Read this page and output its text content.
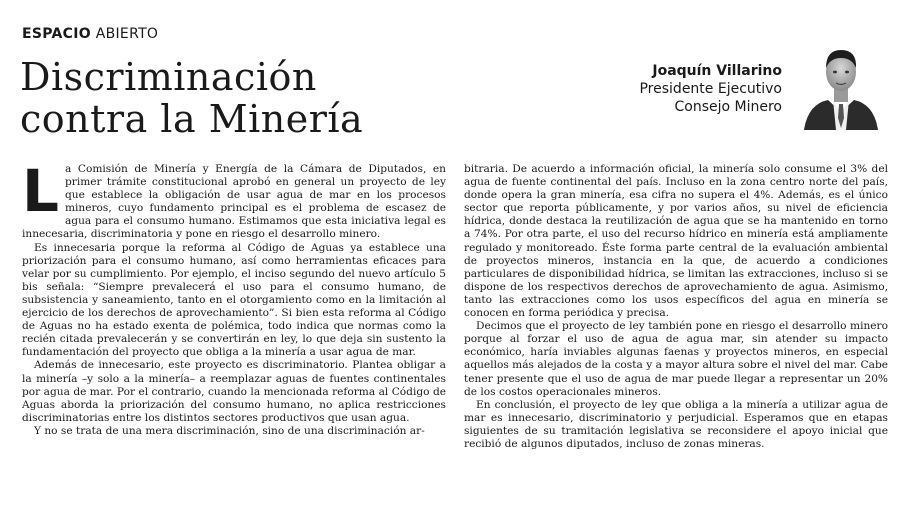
ESPACIO ABIERTO
Discriminación
contra la Minería
Joaquín Villarino
Presidente Ejecutivo
Consejo Minero

La Comisión de Minería y Energía de la Cámara de Diputados, en primer trámite constitucional aprobó en general un proyecto de ley que establece la obligación de usar agua de mar en los procesos mineros, cuyo fundamento principal es el problema de escasez de agua para el consumo humano. Estimamos que esta iniciativa legal es innecesaria, discriminatoria y pone en riesgo el desarrollo minero.

Es innecesaria porque la reforma al Código de Aguas ya establece una priorización para el consumo humano, así como herramientas eficaces para velar por su cumplimiento. Por ejemplo, el inciso segundo del nuevo artículo 5 bis señala: “Siempre prevalecerá el uso para el consumo humano, de subsistencia y saneamiento, tanto en el otorgamiento como en la limitación al ejercicio de los derechos de aprovechamiento”. Si bien esta reforma al Código de Aguas no ha estado exenta de polémica, todo indica que normas como la recién citada prevalecerán y se convertirán en ley, lo que deja sin sustento la fundamentación del proyecto que obliga a la minería a usar agua de mar.

Además de innecesario, este proyecto es discriminatorio. Plantea obligar a la minería –y solo a la minería– a reemplazar aguas de fuentes continentales por agua de mar. Por el contrario, cuando la mencionada reforma al Código de Aguas aborda la priorización del consumo humano, no aplica restricciones discriminatorias entre los distintos sectores productivos que usan agua.

Y no se trata de una mera discriminación, sino de una discriminación ar-

bitraria. De acuerdo a información oficial, la minería solo consume el 3% del agua de fuente continental del país. Incluso en la zona centro norte del país, donde opera la gran minería, esa cifra no supera el 4%. Además, es el único sector que reporta públicamente, y por varios años, su nivel de eficiencia hídrica, donde destaca la reutilización de agua que se ha mantenido en torno a 74%. Por otra parte, el uso del recurso hídrico en minería está ampliamente regulado y monitoreado. Éste forma parte central de la evaluación ambiental de proyectos mineros, instancia en la que, de acuerdo a condiciones particulares de disponibilidad hídrica, se limitan las extracciones, incluso si se dispone de los respectivos derechos de aprovechamiento de agua. Asimismo, tanto las extracciones como los usos específicos del agua en minería se conocen en forma periódica y precisa.

Decimos que el proyecto de ley también pone en riesgo el desarrollo minero porque al forzar el uso de agua de agua mar, sin atender su impacto económico, haría inviables algunas faenas y proyectos mineros, en especial aquellos más alejados de la costa y a mayor altura sobre el nivel del mar. Cabe tener presente que el uso de agua de mar puede llegar a representar un 20% de los costos operacionales mineros.

En conclusión, el proyecto de ley que obliga a la minería a utilizar agua de mar es innecesario, discriminatorio y perjudicial. Esperamos que en etapas siguientes de su tramitación legislativa se reconsidere el apoyo inicial que recibió de algunos diputados, incluso de zonas mineras.
